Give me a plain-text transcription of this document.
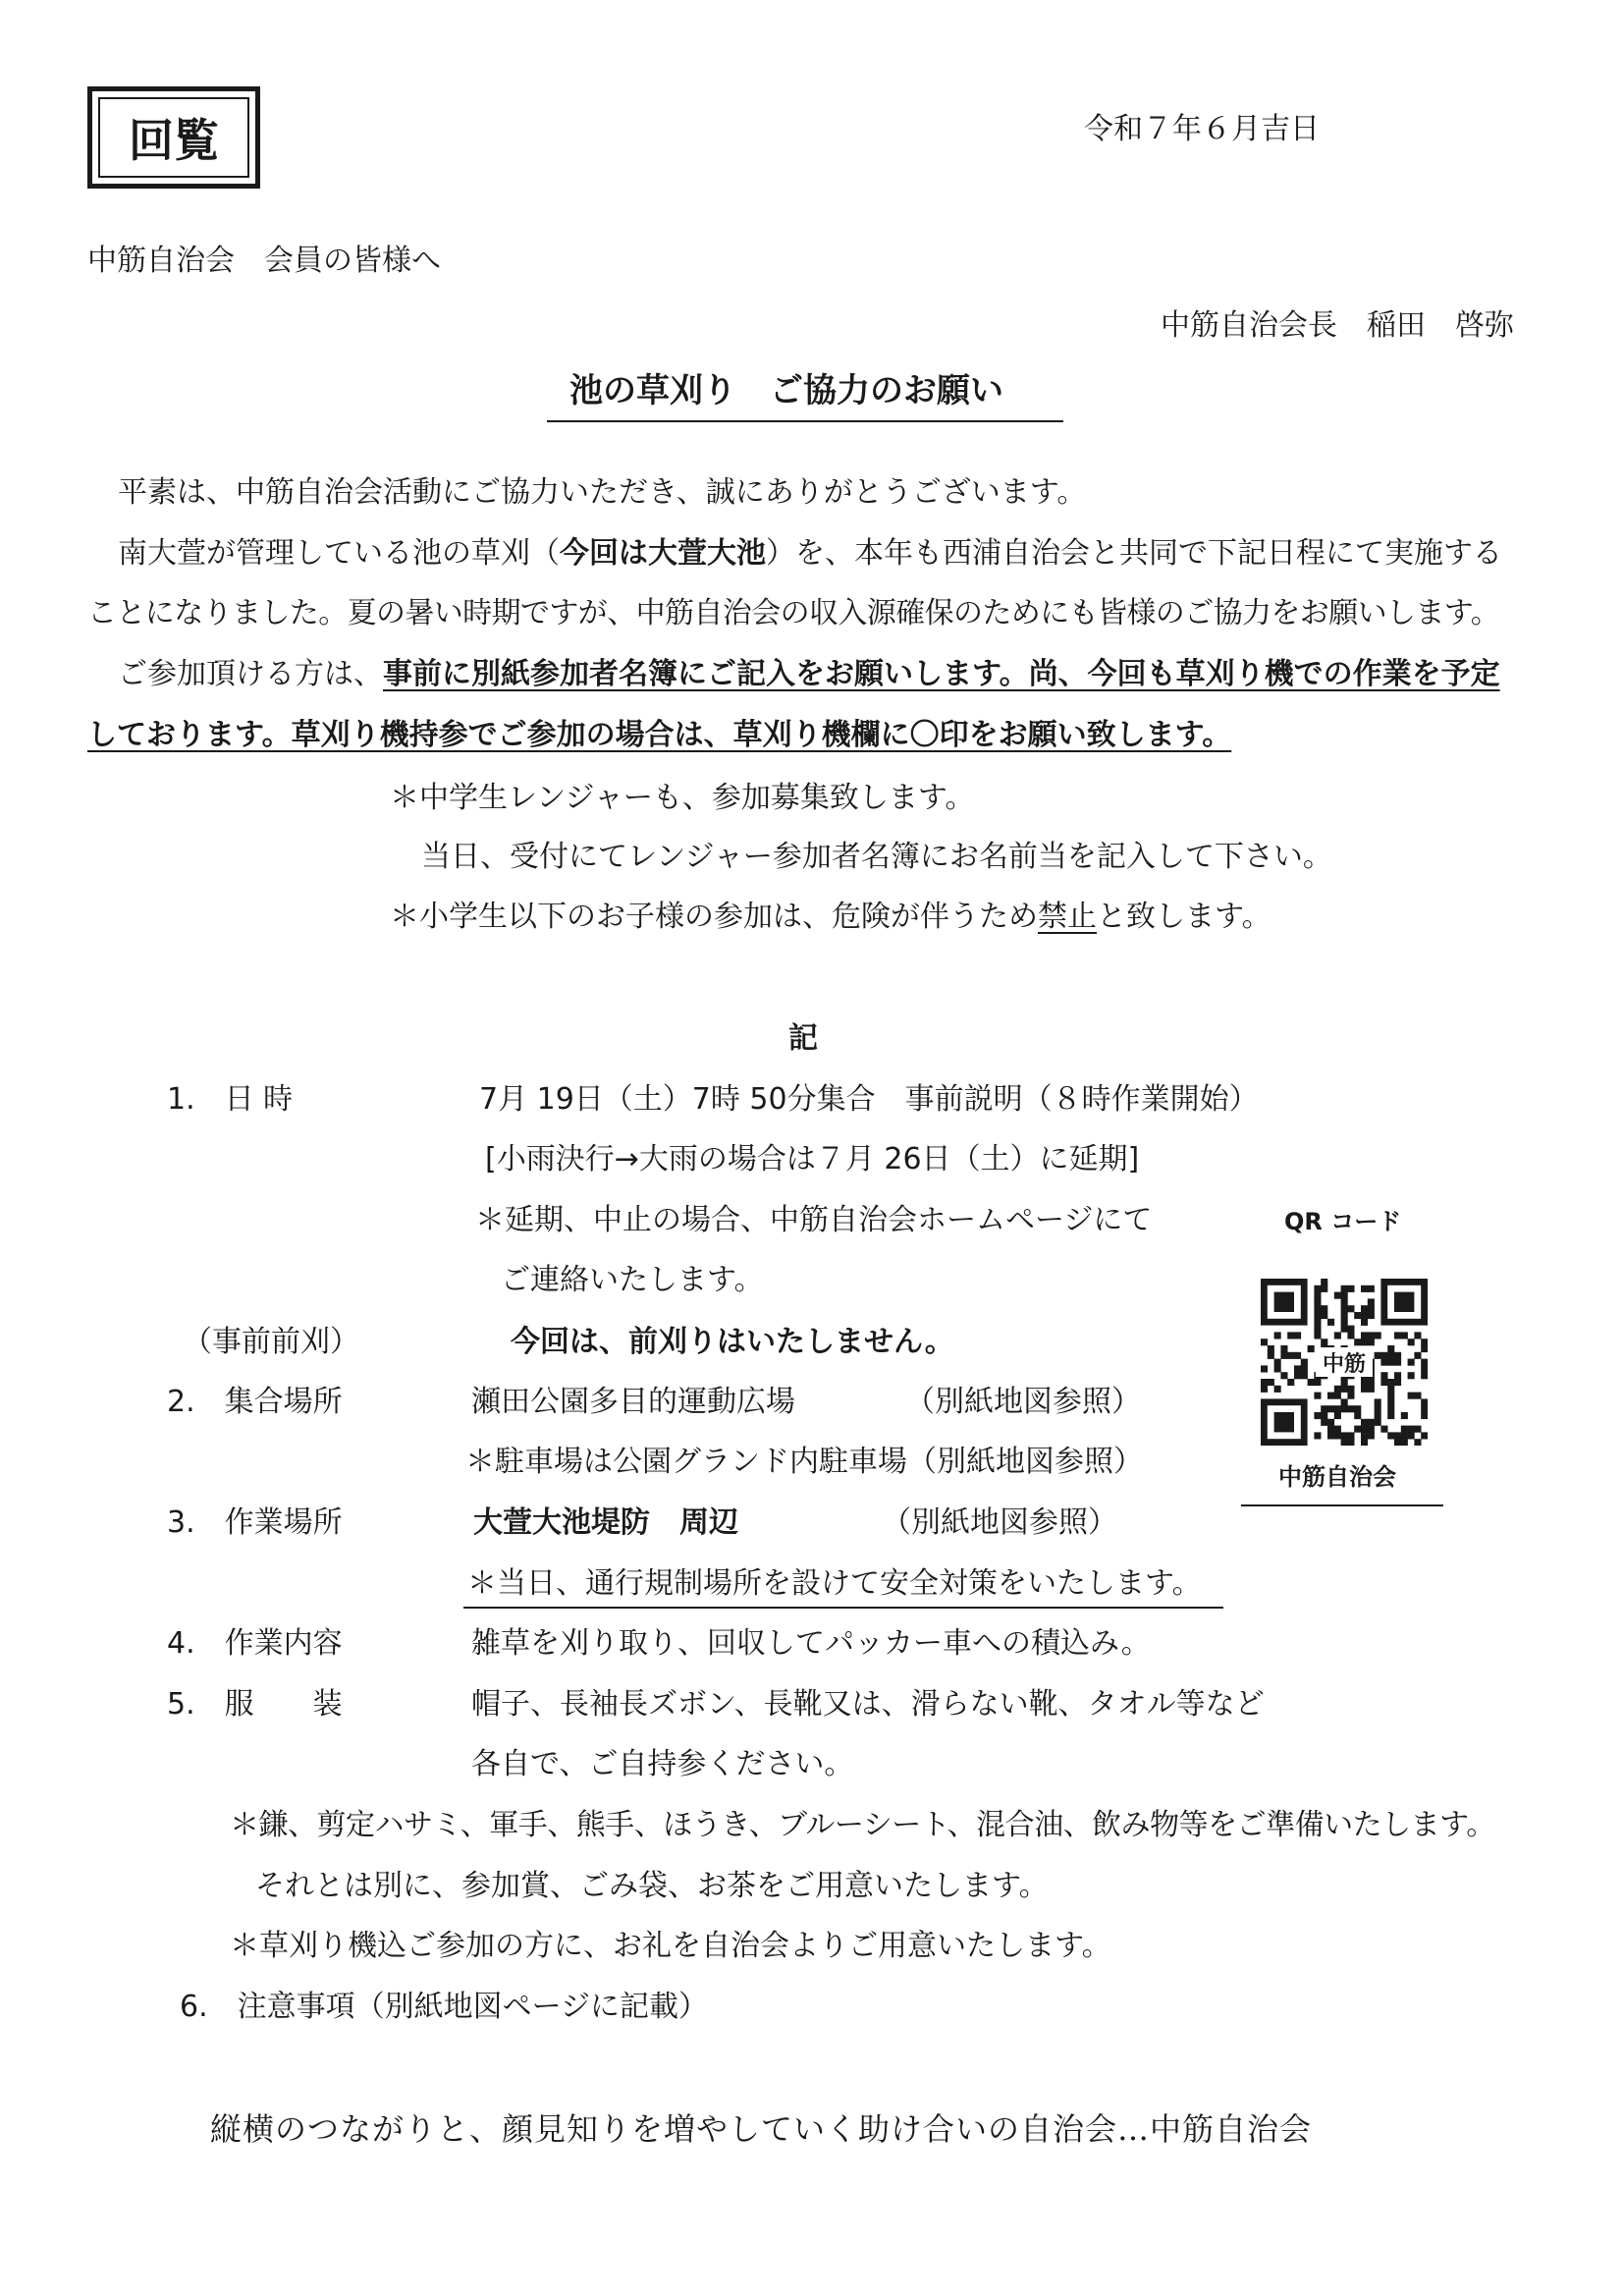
回覧	令和７年６月吉日
中筋自治会　会員の皆様へ
中筋自治会長　稲田　啓弥
池の草刈り　ご協力のお願い
平素は、中筋自治会活動にご協力いただき、誠にありがとうございます。
南大萱が管理している池の草刈（今回は大萱大池）を、本年も西浦自治会と共同で下記日程にて実施する
ことになりました。夏の暑い時期ですが、中筋自治会の収入源確保のためにも皆様のご協力をお願いします。
ご参加頂ける方は、事前に別紙参加者名簿にご記入をお願いします。尚、今回も草刈り機での作業を予定
しております。草刈り機持参でご参加の場合は、草刈り機欄に〇印をお願い致します。
＊中学生レンジャーも、参加募集致します。
当日、受付にてレンジャー参加者名簿にお名前当を記入して下さい。
＊小学生以下のお子様の参加は、危険が伴うため禁止と致します。
記
1.　日 時	7月 19日（土）7時 50分集合　事前説明（８時作業開始）
[小雨決行→大雨の場合は７月 26日（土）に延期]
＊延期、中止の場合、中筋自治会ホームページにて
ご連絡いたします。
（事前前刈）	今回は、前刈りはいたしません。
2.　集合場所	瀬田公園多目的運動広場	（別紙地図参照）
＊駐車場は公園グランド内駐車場（別紙地図参照）
3.　作業場所	大萱大池堤防　周辺	（別紙地図参照）
＊当日、通行規制場所を設けて安全対策をいたします。
4.　作業内容	雑草を刈り取り、回収してパッカー車への積込み。
5.　服　　装	帽子、長袖長ズボン、長靴又は、滑らない靴、タオル等など
各自で、ご自持参ください。
＊鎌、剪定ハサミ、軍手、熊手、ほうき、ブルーシート、混合油、飲み物等をご準備いたします。
それとは別に、参加賞、ごみ袋、お茶をご用意いたします。
＊草刈り機込ご参加の方に、お礼を自治会よりご用意いたします。
6.　注意事項（別紙地図ページに記載）
QR コード
中筋
中筋自治会
縦横のつながりと、顔見知りを増やしていく助け合いの自治会…中筋自治会
